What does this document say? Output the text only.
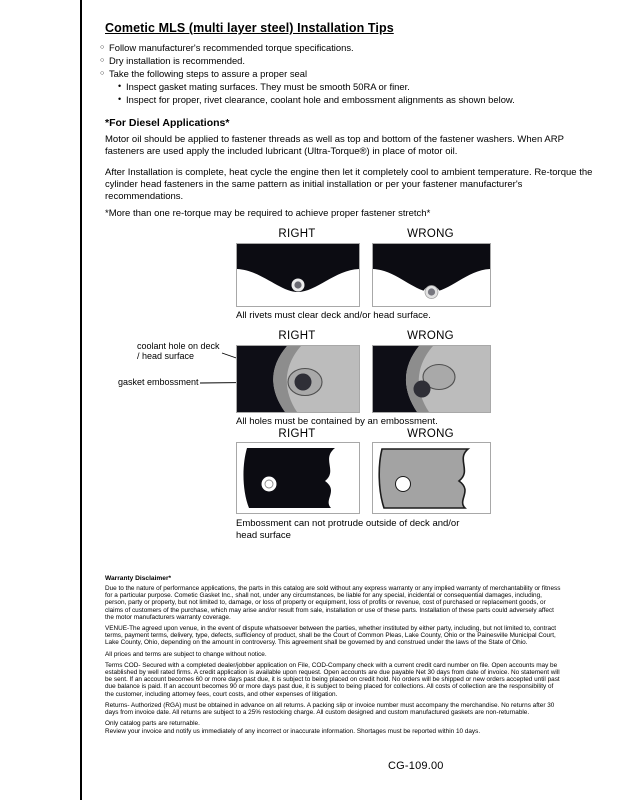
Cometic MLS (multi layer steel) Installation Tips
○ Follow manufacturer's recommended torque specifications.
○ Dry installation is recommended.
○ Take the following steps to assure a proper seal
• Inspect gasket mating surfaces. They must be smooth 50RA or finer.
• Inspect for proper, rivet clearance, coolant hole and embossment alignments as shown below.
*For Diesel Applications*

Motor oil should be applied to fastener threads as well as top and bottom of the fastener washers. When ARP fasteners are used apply the included lubricant (Ultra-Torque®) in place of motor oil.

After Installation is complete, heat cycle the engine then let it completely cool to ambient temperature. Re-torque the cylinder head fasteners in the same pattern as initial installation or per your fastener manufacturer's recommendations.

*More than one re-torque may be required to achieve proper fastener stretch*

RIGHT	WRONG

All rivets must clear deck and/or head surface.

RIGHT	WRONG
coolant hole on deck / head surface
gasket embossment

All holes must be contained by an embossment.

RIGHT	WRONG

Embossment can not protrude outside of deck and/or head surface

Warranty Disclaimer*

Due to the nature of performance applications, the parts in this catalog are sold without any express warranty or any implied warranty of merchantability or fitness for a particular purpose. Cometic Gasket Inc., shall not, under any circumstances, be liable for any special, incidental or consequential damages, including, person, party or property, but not limited to, damage, or loss of property or equipment, loss of profits or revenue, cost of purchased or replacement goods, or claims of customers of the purchase, which may arise and/or result from sale, installation or use of these parts. Installation of these parts could adversely affect the motor manufacturers warranty coverage.

VENUE-The agreed upon venue, in the event of dispute whatsoever between the parties, whether instituted by either party, including, but not limited to, contract terms, payment terms, delivery, type, defects, sufficiency of product, shall be the Court of Common Pleas, Lake County, Ohio or the Painesville Municipal Court, Lake County, Ohio, depending on the amount in controversy. This agreement shall be governed by and construed under the laws of the State of Ohio.

All prices and terms are subject to change without notice.

Terms COD- Secured with a completed dealer/jobber application on File, COD-Company check with a current credit card number on file. Open accounts may be established by well rated firms. A credit application is available upon request. Open accounts are due payable Net 30 days from date of invoice. No statement will be sent. If an account becomes 60 or more days past due, it is subject to being placed on credit hold. No orders will be shipped or new orders accepted until past due balance is paid. If an account becomes 90 or more days past due, it is subject to being placed for collections. All costs of collection are the responsibility of the customer, including attorney fees, court costs, and other expenses of litigation.

Returns- Authorized (RGA) must be obtained in advance on all returns. A packing slip or invoice number must accompany the merchandise. No returns after 30 days from invoice date. All returns are subject to a 25% restocking charge. All custom designed and custom manufactured gaskets are non-returnable.

Only catalog parts are returnable.

Review your invoice and notify us immediately of any incorrect or inaccurate information. Shortages must be reported within 10 days.

CG-109.00
